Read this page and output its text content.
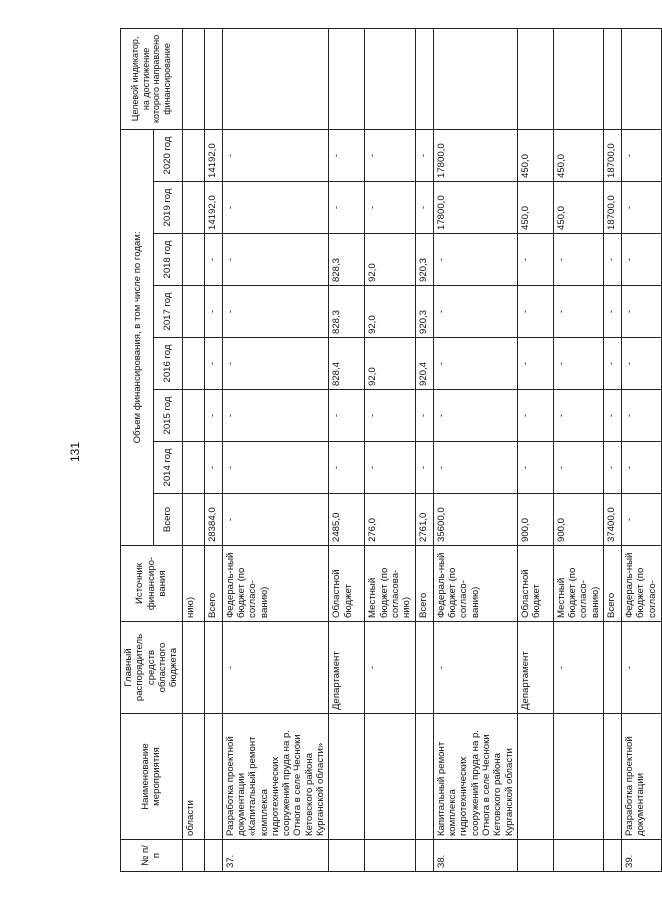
131
№ п/п	Наименование мероприятия	Главный распорядитель средств областного бюджета	Источник финансиро-вания	Объем финансирования, в том числе по годам:								Целевой индикатор, на достижение которого направлено финансирование
				Всего	2014 год	2015 год	2016 год	2017 год	2018 год	2019 год	2020 год	
	области		нию)									
			Всего	28384,0	-	-	-	-	-	14192,0	14192,0	
37.	Разработка проектной документации «Капитальный ремонт комплекса гидротехнических сооружений пруда на р. Отнога в селе Чесноки Кетовского района Курганской области»	-	Федераль-ный бюджет (по согласо-ванию)	-	-	-	-	-	-	-	-	
		Департамент	Областной бюджет	2485,0	-	-	828,4	828,3	828,3	-	-	
		-	Местный бюджет (по согласова-нию)	276,0	-	-	92,0	92,0	92,0	-	-	
			Всего	2761,0	-	-	920,4	920,3	920,3	-	-	
38.	Капитальный ремонт комплекса гидротехнических сооружений пруда на р. Отнога в селе Чесноки Кетовского района Курганской области	-	Федераль-ный бюджет (по согласо-ванию)	35600,0	-	-	-	-	-	17800,0	17800,0	
		Департамент	Областной бюджет	900,0	-	-	-	-	-	450,0	450,0	
		-	Местный бюджет (по согласо-ванию)	900,0	-	-	-	-	-	450,0	450,0	
			Всего	37400,0	-	-	-	-	-	18700,0	18700,0	
39.	Разработка проектной документации	-	Федераль-ный бюджет (по согласо-	-	-	-	-	-	-	-	-	
